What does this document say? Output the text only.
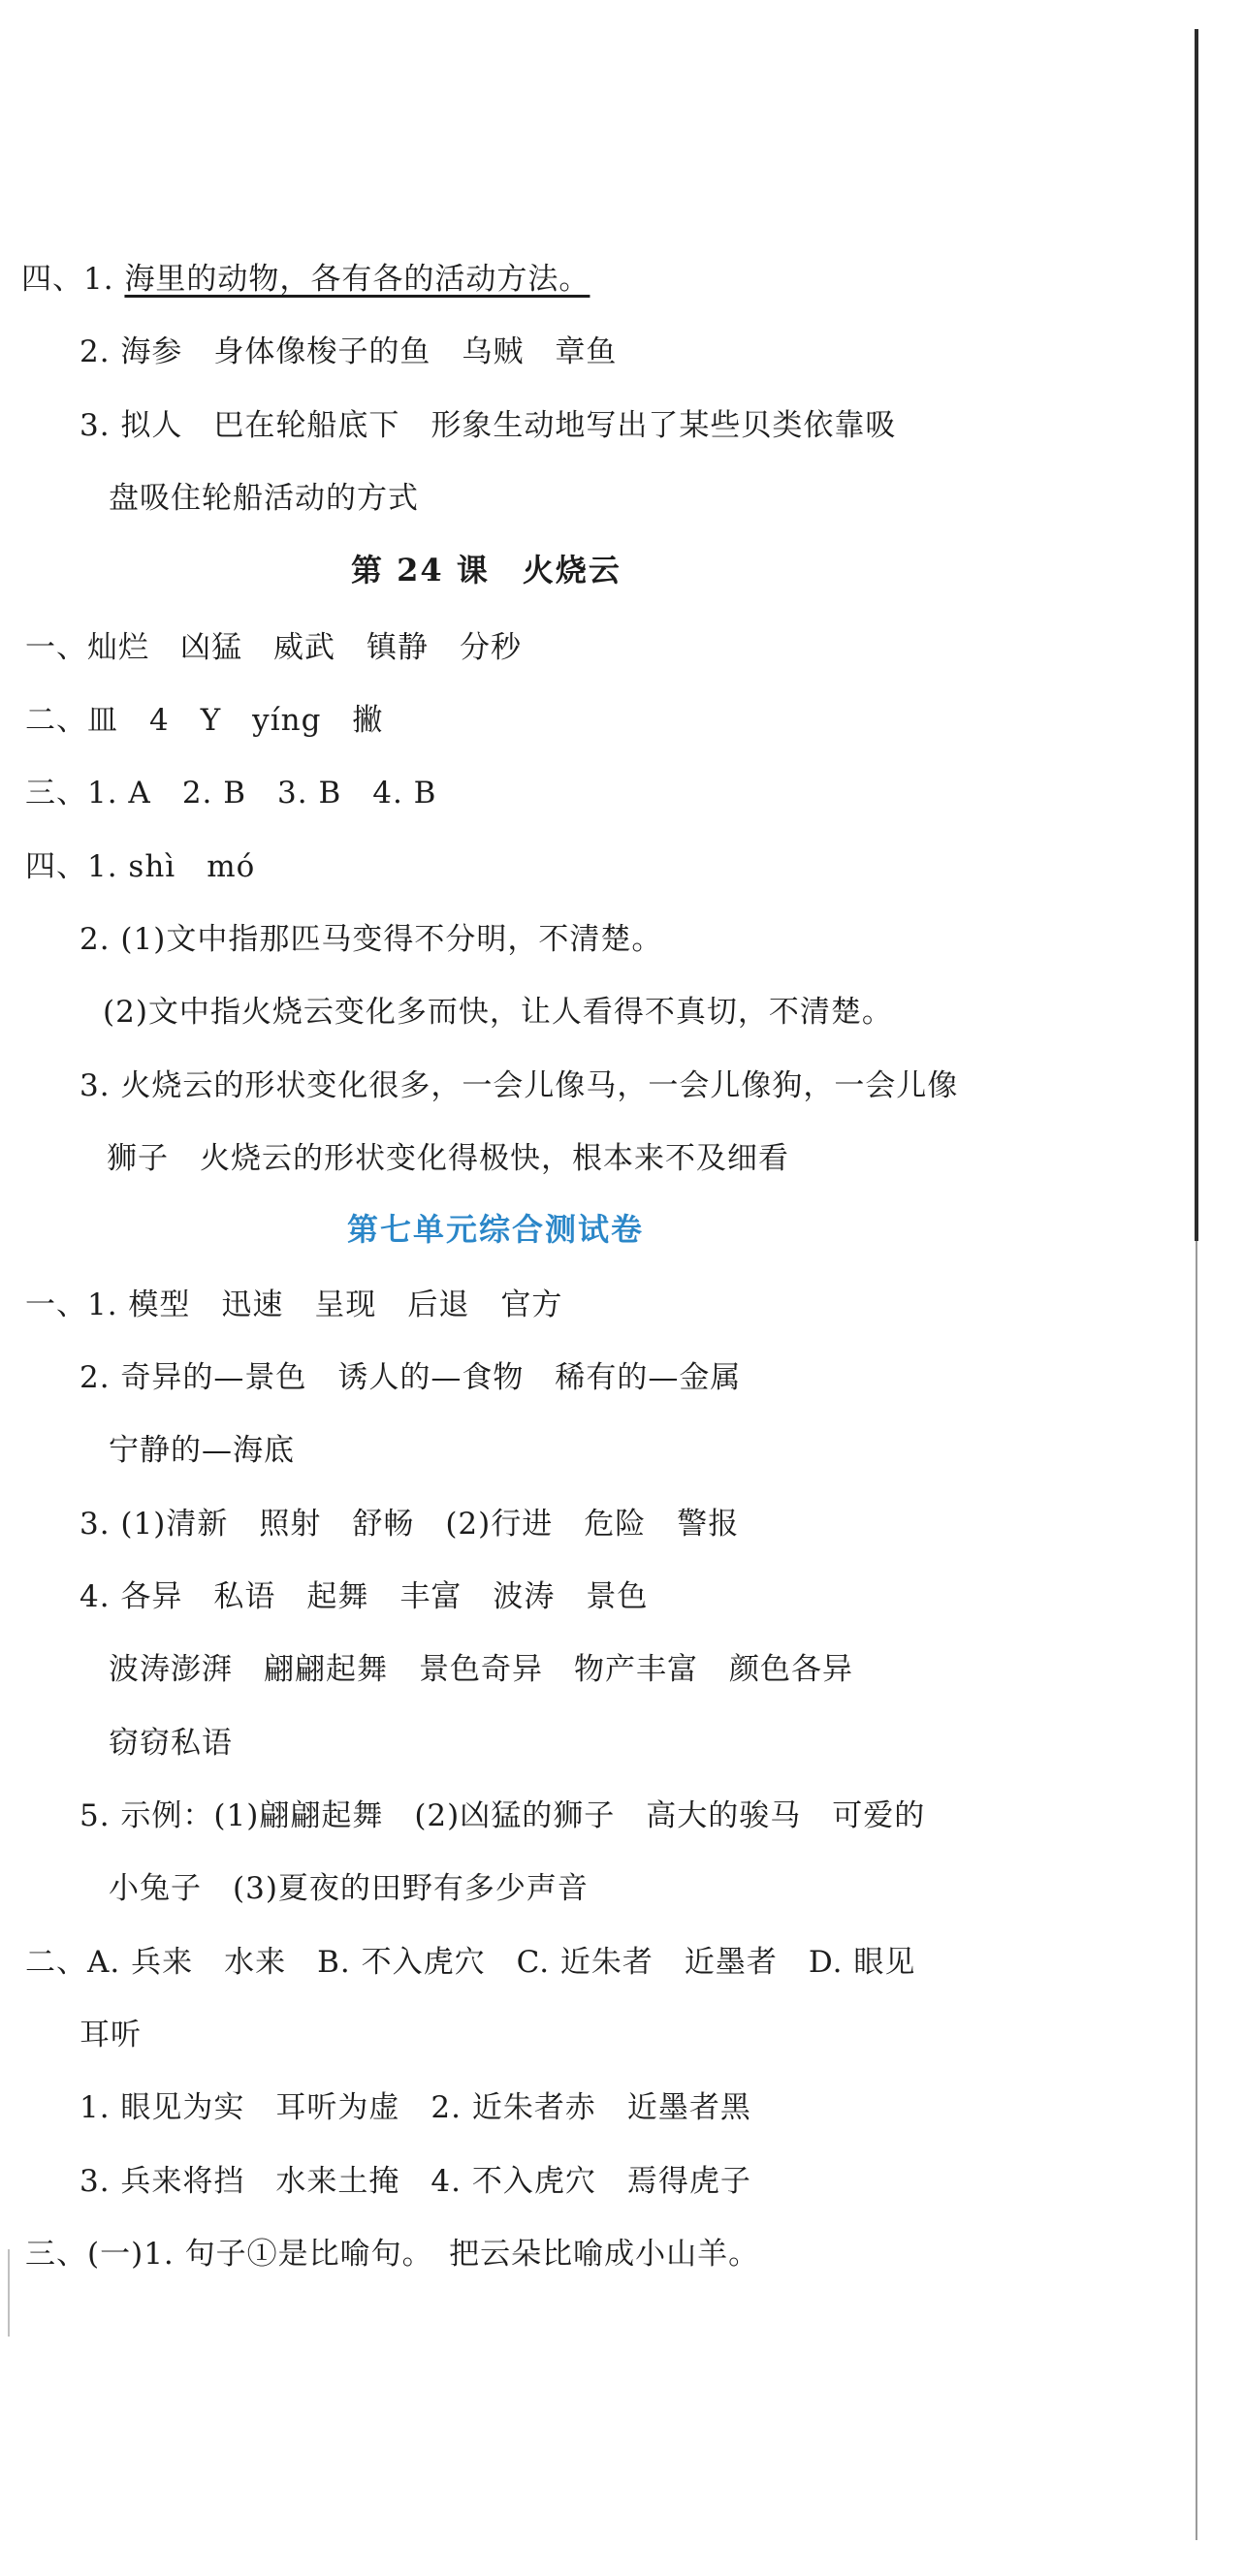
四、1. 海里的动物，各有各的活动方法。
2. 海参　身体像梭子的鱼　乌贼　章鱼
3. 拟人　巴在轮船底下　形象生动地写出了某些贝类依靠吸
盘吸住轮船活动的方式
第 24 课　火烧云
一、灿烂　凶猛　威武　镇静　分秒
二、皿　4　Y　yíng　撇
三、1. A　2. B　3. B　4. B
四、1. shì　mó
2. (1)文中指那匹马变得不分明，不清楚。
(2)文中指火烧云变化多而快，让人看得不真切，不清楚。
3. 火烧云的形状变化很多，一会儿像马，一会儿像狗，一会儿像
狮子　火烧云的形状变化得极快，根本来不及细看
第七单元综合测试卷
一、1. 模型　迅速　呈现　后退　官方
2. 奇异的—景色　诱人的—食物　稀有的—金属
宁静的—海底
3. (1)清新　照射　舒畅　(2)行进　危险　警报
4. 各异　私语　起舞　丰富　波涛　景色
波涛澎湃　翩翩起舞　景色奇异　物产丰富　颜色各异
窃窃私语
5. 示例：(1)翩翩起舞　(2)凶猛的狮子　高大的骏马　可爱的
小兔子　(3)夏夜的田野有多少声音
二、A. 兵来　水来　B. 不入虎穴　C. 近朱者　近墨者　D. 眼见
耳听
1. 眼见为实　耳听为虚　2. 近朱者赤　近墨者黑
3. 兵来将挡　水来土掩　4. 不入虎穴　焉得虎子
三、(一)1. 句子①是比喻句。　把云朵比喻成小山羊。
